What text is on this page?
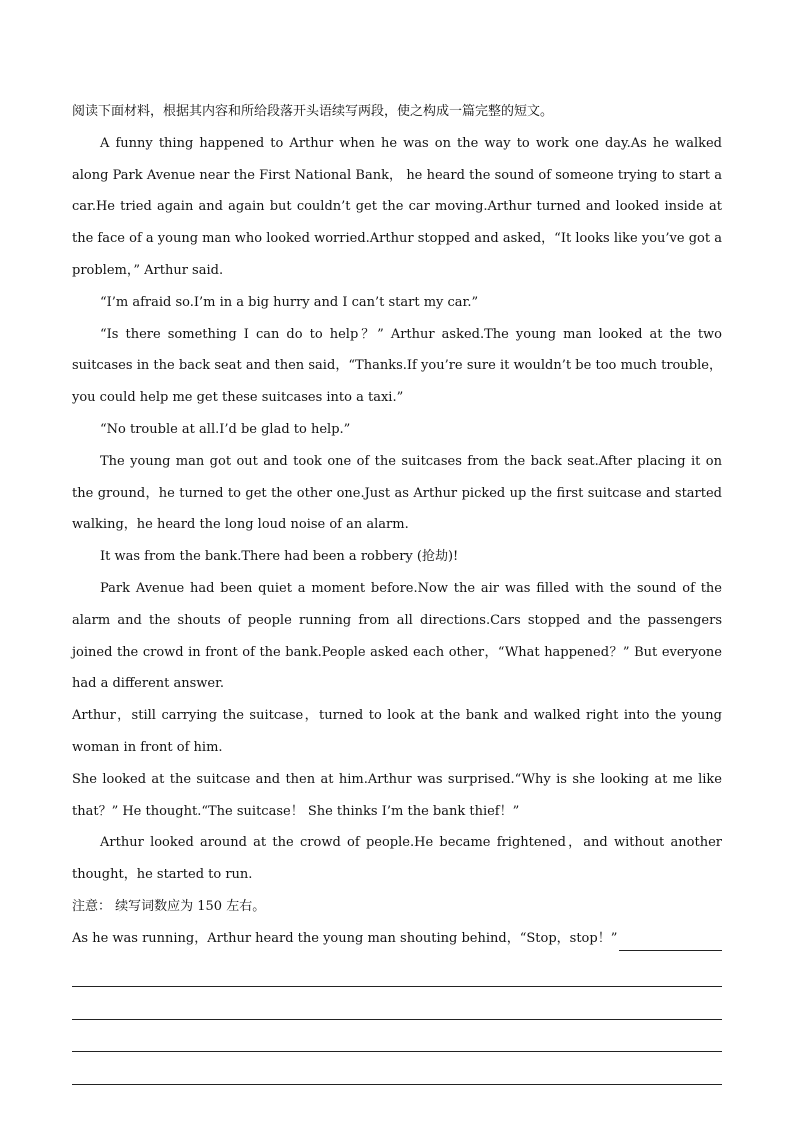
阅读下面材料，根据其内容和所给段落开头语续写两段，使之构成一篇完整的短文。

A funny thing happened to Arthur when he was on the way to work one day.As he walked along Park Avenue near the First National Bank， he heard the sound of someone trying to start a car.He tried again and again but couldn’t get the car moving.Arthur turned and looked inside at the face of a young man who looked worried.Arthur stopped and asked，“It looks like you’ve got a problem，” Arthur said.

“I’m afraid so.I’m in a big hurry and I can’t start my car.”

“Is there something I can do to help？” Arthur asked.The young man looked at the two suitcases in the back seat and then said，“Thanks.If you’re sure it wouldn’t be too much trouble，you could help me get these suitcases into a taxi.”

“No trouble at all.I’d be glad to help.”

The young man got out and took one of the suitcases from the back seat.After placing it on the ground，he turned to get the other one.Just as Arthur picked up the first suitcase and started walking，he heard the long loud noise of an alarm.

It was from the bank.There had been a robbery (抢劫)!

Park Avenue had been quiet a moment before.Now the air was filled with the sound of the alarm and the shouts of people running from all directions.Cars stopped and the passengers joined the crowd in front of the bank.People asked each other，“What happened？” But everyone had a different answer.

Arthur，still carrying the suitcase，turned to look at the bank and walked right into the young woman in front of him.

She looked at the suitcase and then at him.Arthur was surprised.“Why is she looking at me like that？” He thought.“The suitcase！ She thinks I’m the bank thief！”

Arthur looked around at the crowd of people.He became frightened，and without another thought，he started to run.

注意： 续写词数应为 150 左右。

As he was running，Arthur heard the young man shouting behind，“Stop，stop！”
